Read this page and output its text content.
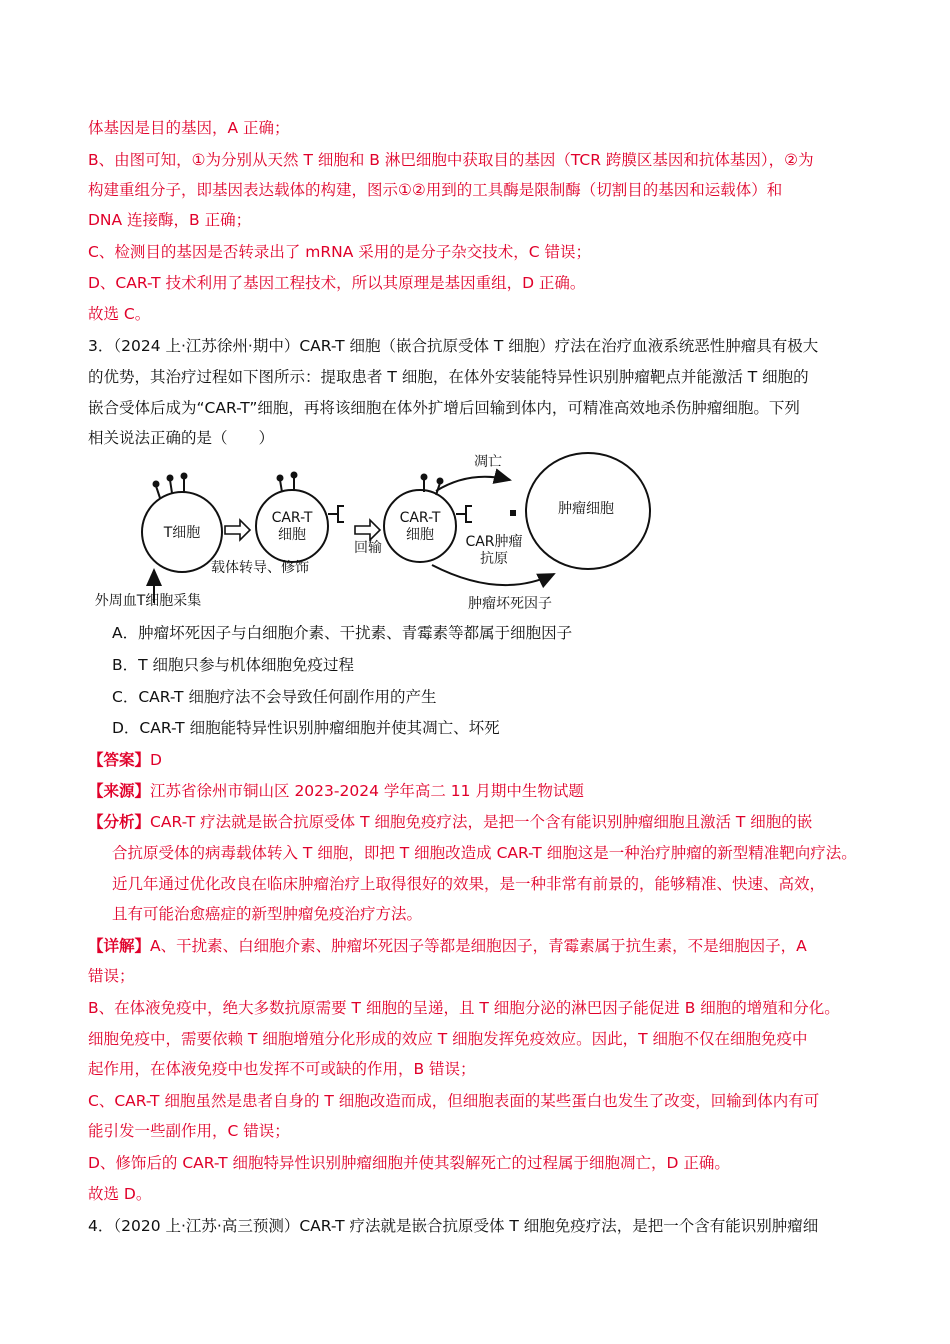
体基因是目的基因，A 正确；
B、由图可知，①为分别从天然 T 细胞和 B 淋巴细胞中获取目的基因（TCR 跨膜区基因和抗体基因），②为
构建重组分子，即基因表达载体的构建，图示①②用到的工具酶是限制酶（切割目的基因和运载体）和
DNA 连接酶，B 正确；
C、检测目的基因是否转录出了 mRNA 采用的是分子杂交技术，C 错误；
D、CAR-T 技术利用了基因工程技术，所以其原理是基因重组，D 正确。
故选 C。
3．（2024 上·江苏徐州·期中）CAR-T 细胞（嵌合抗原受体 T 细胞）疗法在治疗血液系统恶性肿瘤具有极大
的优势，其治疗过程如下图所示：提取患者 T 细胞，在体外安装能特异性识别肿瘤靶点并能激活 T 细胞的
嵌合受体后成为“CAR-T”细胞，再将该细胞在体外扩增后回输到体内，可精准高效地杀伤肿瘤细胞。下列
相关说法正确的是（　　）
T细胞
CAR-T
细胞
CAR-T
细胞
肿瘤细胞
载体转导、修饰
回输
外周血T细胞采集
凋亡
CAR肿瘤
抗原
肿瘤坏死因子
A．肿瘤坏死因子与白细胞介素、干扰素、青霉素等都属于细胞因子
B．T 细胞只参与机体细胞免疫过程
C．CAR-T 细胞疗法不会导致任何副作用的产生
D．CAR-T 细胞能特异性识别肿瘤细胞并使其凋亡、坏死
【答案】D
【来源】江苏省徐州市铜山区 2023-2024 学年高二 11 月期中生物试题
【分析】CAR-T 疗法就是嵌合抗原受体 T 细胞免疫疗法，是把一个含有能识别肿瘤细胞且激活 T 细胞的嵌
合抗原受体的病毒载体转入 T 细胞，即把 T 细胞改造成 CAR-T 细胞这是一种治疗肿瘤的新型精准靶向疗法。
近几年通过优化改良在临床肿瘤治疗上取得很好的效果，是一种非常有前景的，能够精准、快速、高效，
且有可能治愈癌症的新型肿瘤免疫治疗方法。
【详解】A、干扰素、白细胞介素、肿瘤坏死因子等都是细胞因子，青霉素属于抗生素，不是细胞因子，A
错误；
B、在体液免疫中，绝大多数抗原需要 T 细胞的呈递，且 T 细胞分泌的淋巴因子能促进 B 细胞的增殖和分化。
细胞免疫中，需要依赖 T 细胞增殖分化形成的效应 T 细胞发挥免疫效应。因此，T 细胞不仅在细胞免疫中
起作用，在体液免疫中也发挥不可或缺的作用，B 错误；
C、CAR-T 细胞虽然是患者自身的 T 细胞改造而成，但细胞表面的某些蛋白也发生了改变，回输到体内有可
能引发一些副作用，C 错误；
D、修饰后的 CAR-T 细胞特异性识别肿瘤细胞并使其裂解死亡的过程属于细胞凋亡，D 正确。
故选 D。
4．（2020 上·江苏·高三预测）CAR-T 疗法就是嵌合抗原受体 T 细胞免疫疗法，是把一个含有能识别肿瘤细
